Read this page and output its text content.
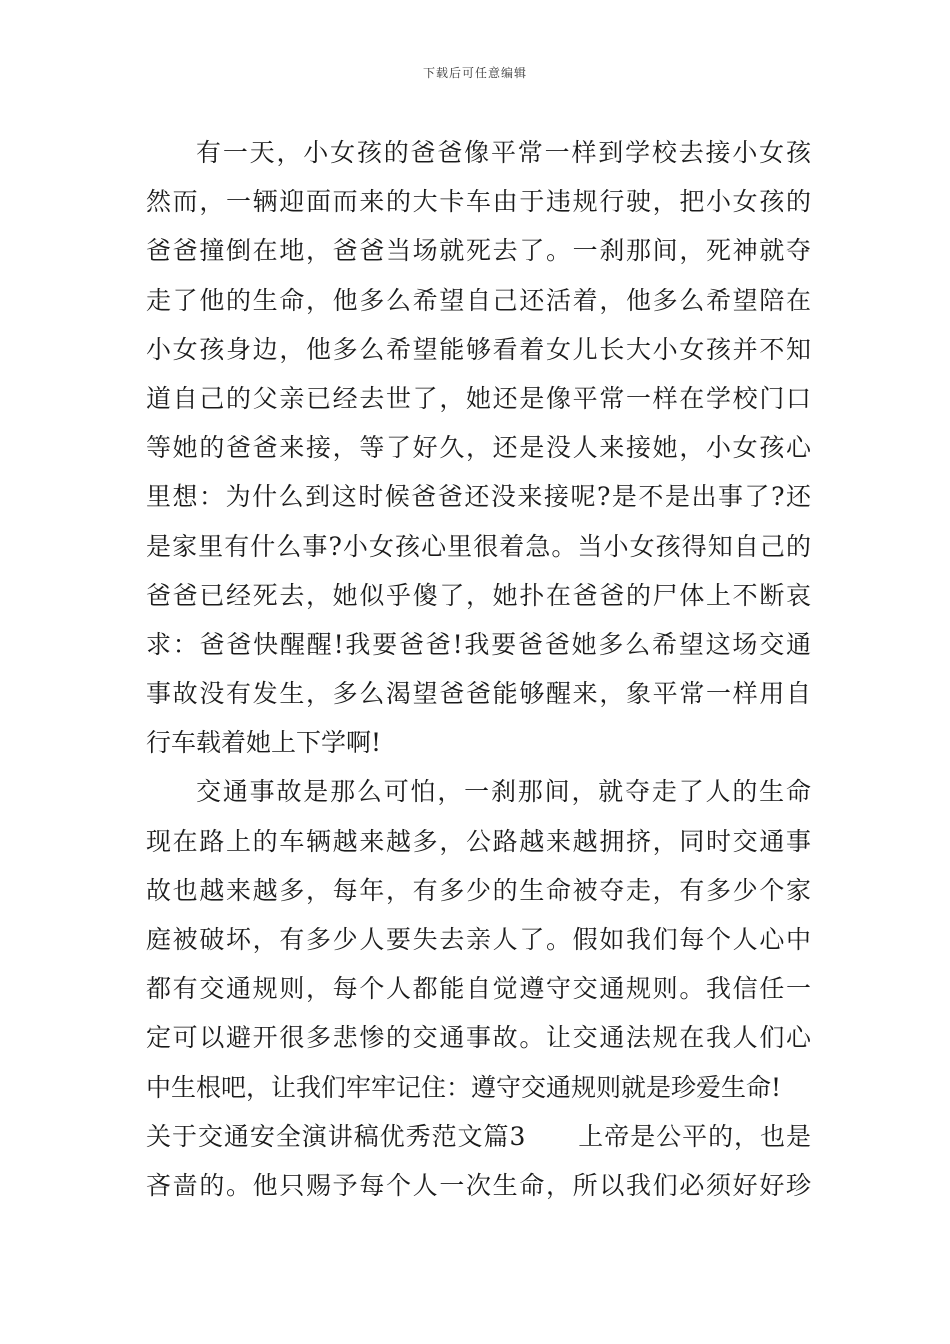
下载后可任意编辑
有一天，小女孩的爸爸像平常一样到学校去接小女孩
然而，一辆迎面而来的大卡车由于违规行驶，把小女孩的
爸爸撞倒在地，爸爸当场就死去了。一刹那间，死神就夺
走了他的生命，他多么希望自己还活着，他多么希望陪在
小女孩身边，他多么希望能够看着女儿长大小女孩并不知
道自己的父亲已经去世了，她还是像平常一样在学校门口
等她的爸爸来接，等了好久，还是没人来接她，小女孩心
里想：为什么到这时候爸爸还没来接呢?是不是出事了?还
是家里有什么事?小女孩心里很着急。当小女孩得知自己的
爸爸已经死去，她似乎傻了，她扑在爸爸的尸体上不断哀
求：爸爸快醒醒!我要爸爸!我要爸爸她多么希望这场交通
事故没有发生，多么渴望爸爸能够醒来，象平常一样用自
行车载着她上下学啊!
交通事故是那么可怕，一刹那间，就夺走了人的生命
现在路上的车辆越来越多，公路越来越拥挤，同时交通事
故也越来越多，每年，有多少的生命被夺走，有多少个家
庭被破坏，有多少人要失去亲人了。假如我们每个人心中
都有交通规则，每个人都能自觉遵守交通规则。我信任一
定可以避开很多悲惨的交通事故。让交通法规在我人们心
中生根吧，让我们牢牢记住：遵守交通规则就是珍爱生命!
关于交通安全演讲稿优秀范文篇3　　上帝是公平的，也是
吝啬的。他只赐予每个人一次生命，所以我们必须好好珍
